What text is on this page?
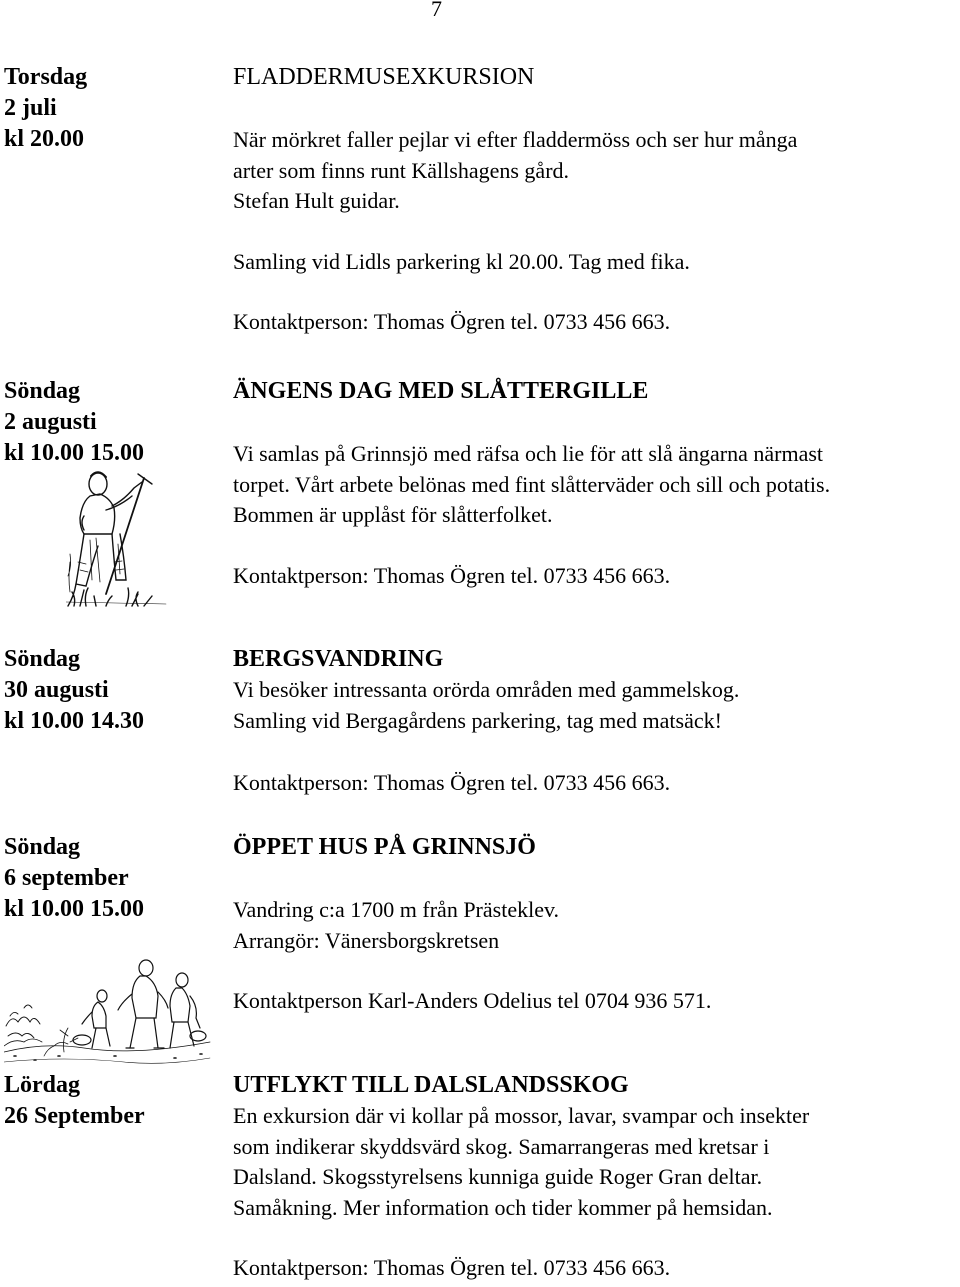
7
Torsdag
2 juli
kl 20.00
FLADDERMUSEXKURSION
När mörkret faller pejlar vi efter fladdermöss och ser hur många
arter som finns runt Källshagens gård.
Stefan Hult guidar.
Samling vid Lidls parkering kl 20.00. Tag med fika.
Kontaktperson: Thomas Ögren tel. 0733 456 663.
Söndag
2 augusti
kl 10.00 15.00
ÄNGENS DAG MED SLÅTTERGILLE
Vi samlas på Grinnsjö med räfsa och lie för att slå ängarna närmast
torpet. Vårt arbete belönas med fint slåtterväder och sill och potatis.
Bommen är upplåst för slåtterfolket.
Kontaktperson: Thomas Ögren tel. 0733 456 663.
Söndag
30 augusti
kl 10.00 14.30
BERGSVANDRING
Vi besöker intressanta orörda områden med gammelskog.
Samling vid Bergagårdens parkering, tag med matsäck!
Kontaktperson: Thomas Ögren tel. 0733 456 663.
Söndag
6 september
kl 10.00 15.00
ÖPPET HUS PÅ GRINNSJÖ
Vandring c:a 1700 m från Prästeklev.
Arrangör: Vänersborgskretsen
Kontaktperson Karl-Anders Odelius tel 0704 936 571.
Lördag
26 September
UTFLYKT TILL DALSLANDSSKOG
En exkursion där vi kollar på mossor, lavar, svampar och insekter
som indikerar skyddsvärd skog. Samarrangeras med kretsar i
Dalsland. Skogsstyrelsens kunniga guide Roger Gran deltar.
Samåkning. Mer information och tider kommer på hemsidan.
Kontaktperson: Thomas Ögren tel. 0733 456 663.
